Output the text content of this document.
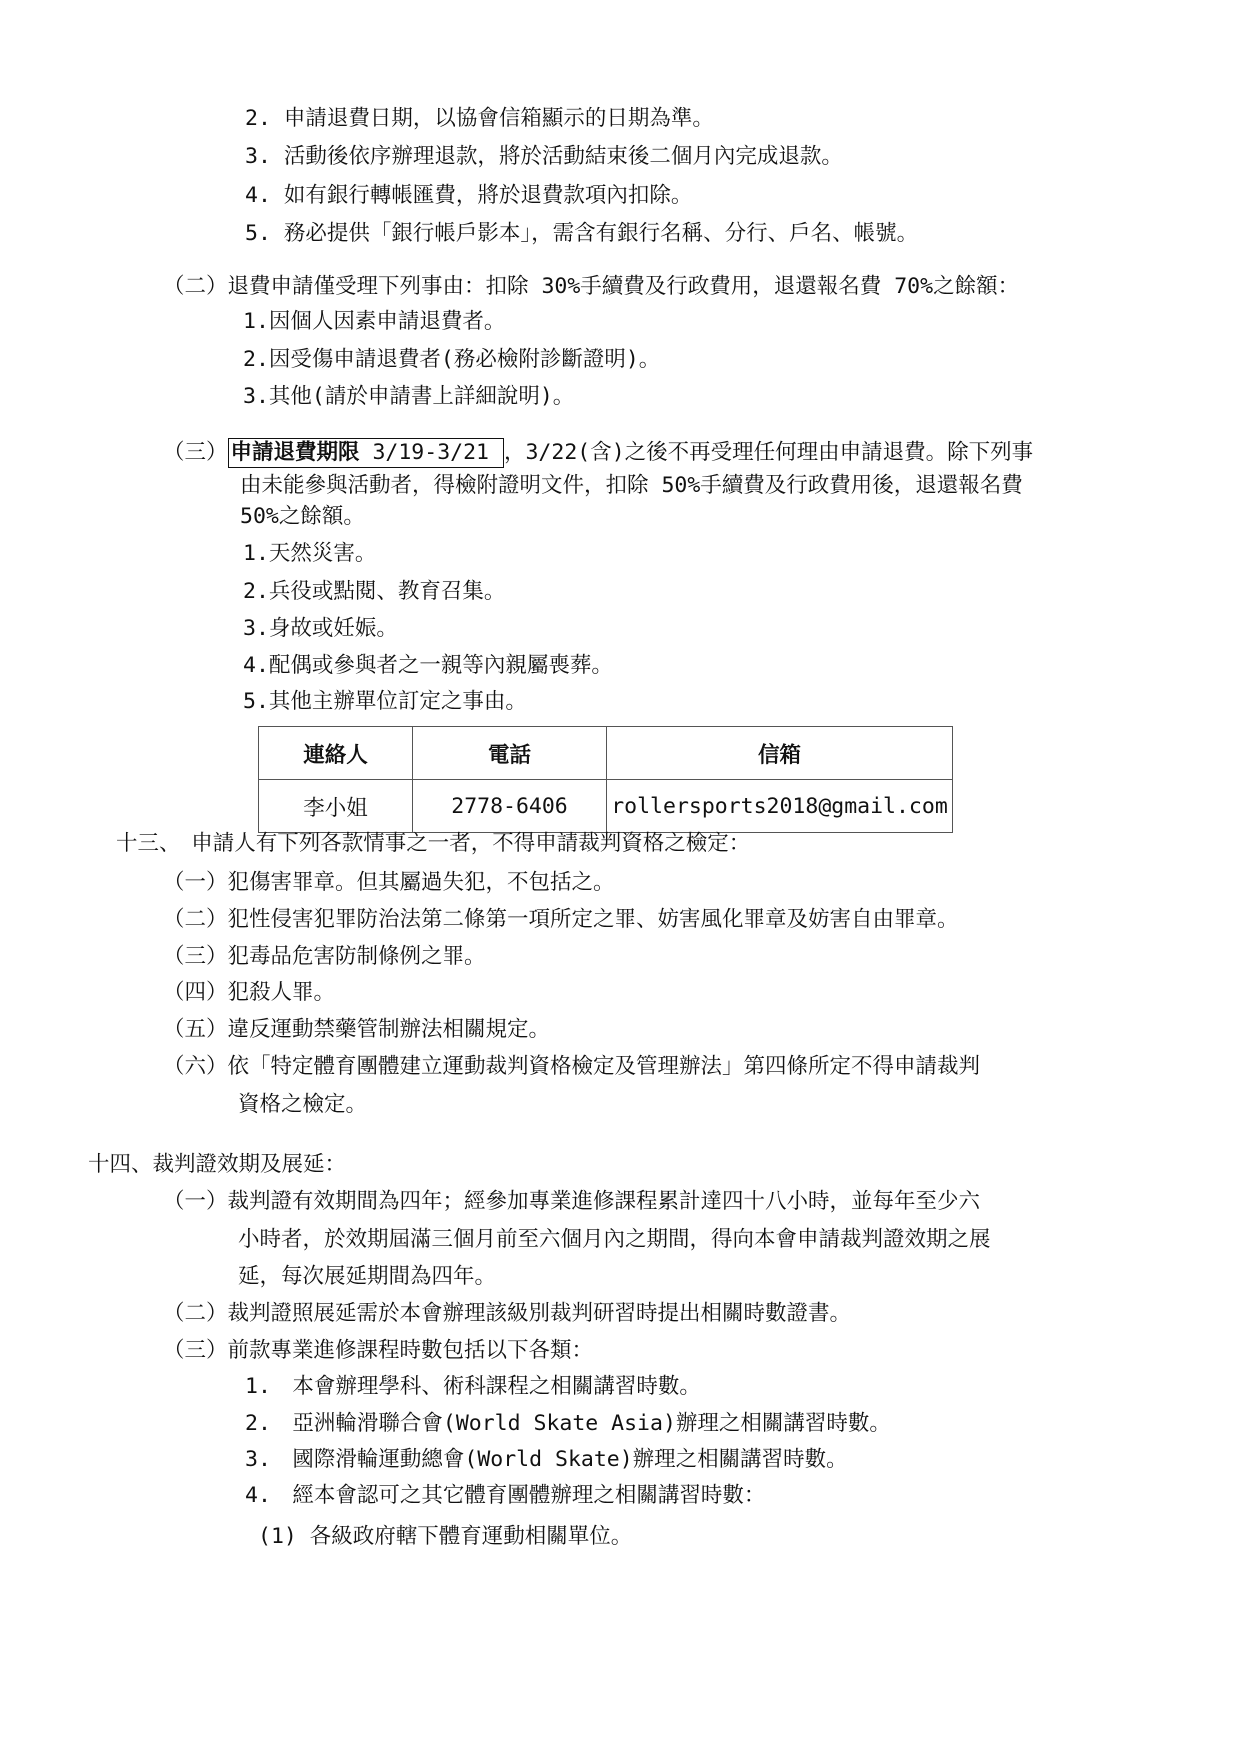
2. 申請退費日期，以協會信箱顯示的日期為準。
3. 活動後依序辦理退款，將於活動結束後二個月內完成退款。
4. 如有銀行轉帳匯費，將於退費款項內扣除。
5. 務必提供「銀行帳戶影本」，需含有銀行名稱、分行、戶名、帳號。
（二）退費申請僅受理下列事由：扣除 30%手續費及行政費用，退還報名費 70%之餘額：
1.因個人因素申請退費者。
2.因受傷申請退費者(務必檢附診斷證明)。
3.其他(請於申請書上詳細說明)。
（三） 申請退費期限 3/19-3/21 ，3/22(含)之後不再受理任何理由申請退費。除下列事
由未能參與活動者，得檢附證明文件，扣除 50%手續費及行政費用後，退還報名費
50%之餘額。
1.天然災害。
2.兵役或點閱、教育召集。
3.身故或妊娠。
4.配偶或參與者之一親等內親屬喪葬。
5.其他主辦單位訂定之事由。
連絡人	電話	信箱
李小姐	2778-6406	rollersports2018@gmail.com
十三、　申請人有下列各款情事之一者，不得申請裁判資格之檢定：
（一）犯傷害罪章。但其屬過失犯，不包括之。
（二）犯性侵害犯罪防治法第二條第一項所定之罪、妨害風化罪章及妨害自由罪章。
（三）犯毒品危害防制條例之罪。
（四）犯殺人罪。
（五）違反運動禁藥管制辦法相關規定。
（六）依「特定體育團體建立運動裁判資格檢定及管理辦法」第四條所定不得申請裁判
資格之檢定。
十四、裁判證效期及展延：
（一）裁判證有效期間為四年；經參加專業進修課程累計達四十八小時，並每年至少六
小時者，於效期屆滿三個月前至六個月內之期間，得向本會申請裁判證效期之展
延，每次展延期間為四年。
（二）裁判證照展延需於本會辦理該級別裁判研習時提出相關時數證書。
（三）前款專業進修課程時數包括以下各類：
1.　本會辦理學科、術科課程之相關講習時數。
2.　亞洲輪滑聯合會(World Skate Asia)辦理之相關講習時數。
3.　國際滑輪運動總會(World Skate)辦理之相關講習時數。
4.　經本會認可之其它體育團體辦理之相關講習時數：
(1) 各級政府轄下體育運動相關單位。
